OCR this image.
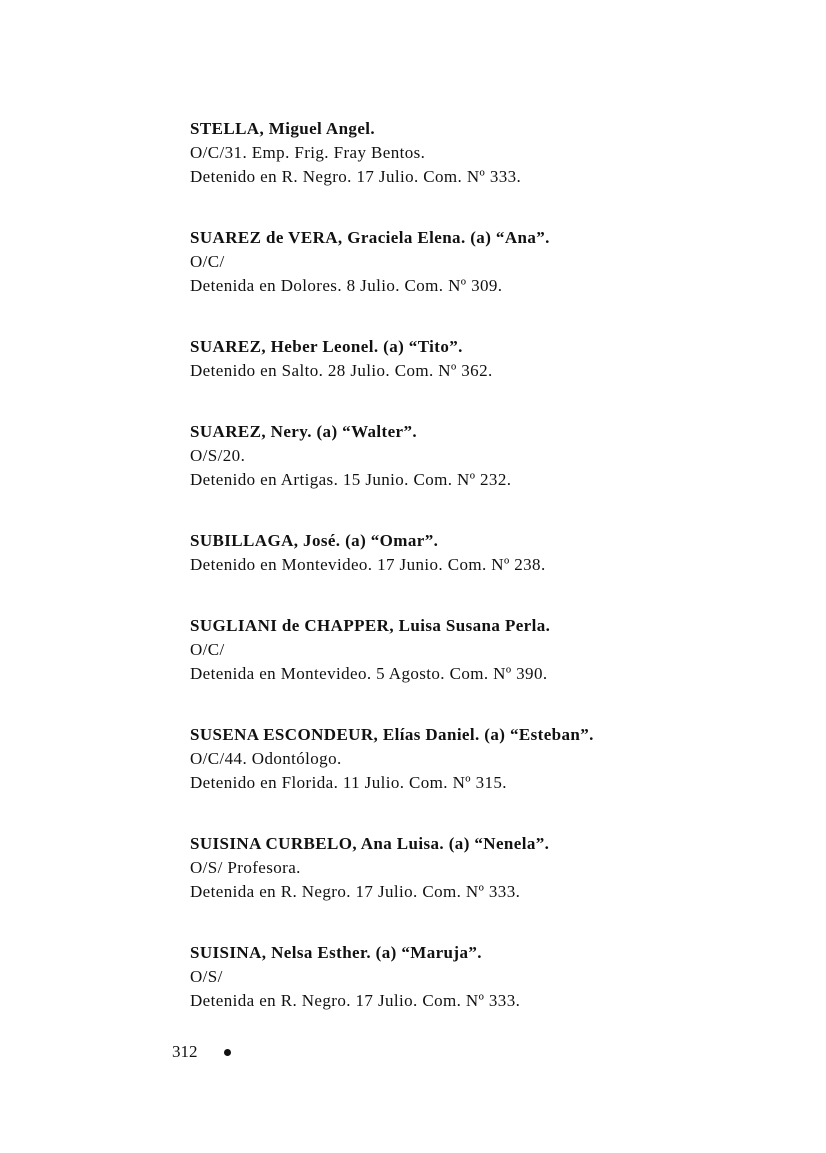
STELLA, Miguel Angel.
O/C/31. Emp. Frig. Fray Bentos.
Detenido en R. Negro. 17 Julio. Com. Nº 333.
SUAREZ de VERA, Graciela Elena. (a) “Ana”.
O/C/
Detenida en Dolores. 8 Julio. Com. Nº 309.
SUAREZ, Heber Leonel. (a) “Tito”.
Detenido en Salto. 28 Julio. Com. Nº 362.
SUAREZ, Nery. (a) “Walter”.
O/S/20.
Detenido en Artigas. 15 Junio. Com. Nº 232.
SUBILLAGA, José. (a) “Omar”.
Detenido en Montevideo. 17 Junio. Com. Nº 238.
SUGLIANI de CHAPPER, Luisa Susana Perla.
O/C/
Detenida en Montevideo. 5 Agosto. Com. Nº 390.
SUSENA ESCONDEUR, Elías Daniel. (a) “Esteban”.
O/C/44. Odontólogo.
Detenido en Florida. 11 Julio. Com. Nº 315.
SUISINA CURBELO, Ana Luisa. (a) “Nenela”.
O/S/ Profesora.
Detenida en R. Negro. 17 Julio. Com. Nº 333.
SUISINA, Nelsa Esther. (a) “Maruja”.
O/S/
Detenida en R. Negro. 17 Julio. Com. Nº 333.
312
